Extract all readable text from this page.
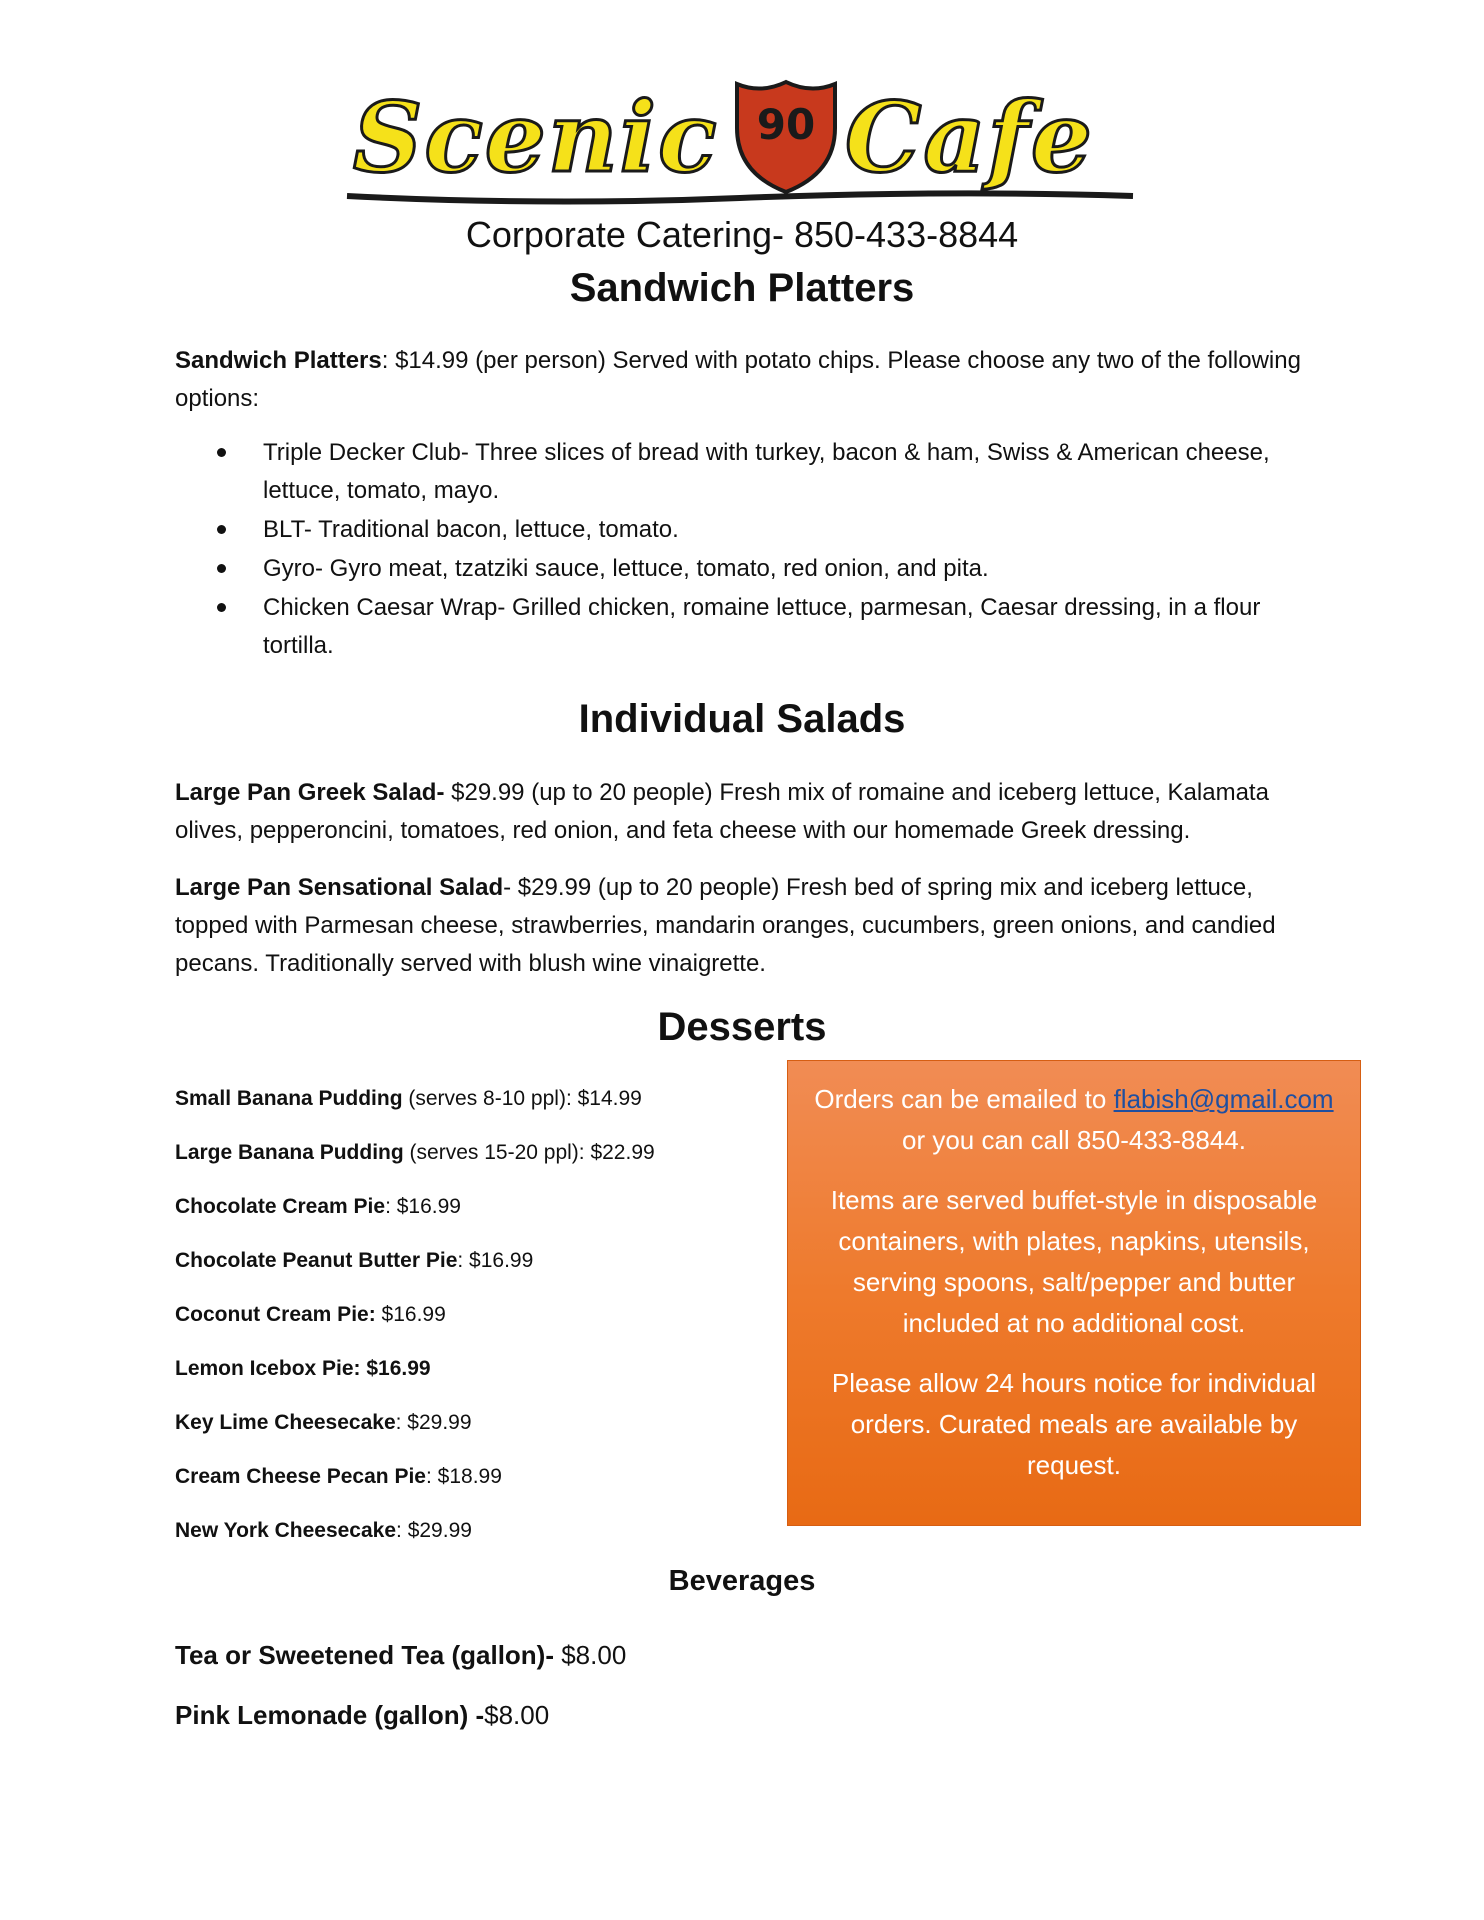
Scenic 90 Cafe
Corporate Catering- 850-433-8844
Sandwich Platters
Sandwich Platters: $14.99 (per person) Served with potato chips. Please choose any two of the following options:
Triple Decker Club- Three slices of bread with turkey, bacon & ham, Swiss & American cheese, lettuce, tomato, mayo.
BLT- Traditional bacon, lettuce, tomato.
Gyro- Gyro meat, tzatziki sauce, lettuce, tomato, red onion, and pita.
Chicken Caesar Wrap- Grilled chicken, romaine lettuce, parmesan, Caesar dressing, in a flour tortilla.
Individual Salads
Large Pan Greek Salad- $29.99 (up to 20 people) Fresh mix of romaine and iceberg lettuce, Kalamata olives, pepperoncini, tomatoes, red onion, and feta cheese with our homemade Greek dressing.
Large Pan Sensational Salad- $29.99 (up to 20 people) Fresh bed of spring mix and iceberg lettuce, topped with Parmesan cheese, strawberries, mandarin oranges, cucumbers, green onions, and candied pecans. Traditionally served with blush wine vinaigrette.
Desserts
Small Banana Pudding (serves 8-10 ppl): $14.99
Large Banana Pudding (serves 15-20 ppl): $22.99
Chocolate Cream Pie: $16.99
Chocolate Peanut Butter Pie: $16.99
Coconut Cream Pie: $16.99
Lemon Icebox Pie: $16.99
Key Lime Cheesecake: $29.99
Cream Cheese Pecan Pie: $18.99
New York Cheesecake: $29.99

Orders can be emailed to flabish@gmail.com or you can call 850-433-8844.

Items are served buffet-style in disposable containers, with plates, napkins, utensils, serving spoons, salt/pepper and butter included at no additional cost.

Please allow 24 hours notice for individual orders. Curated meals are available by request.

Beverages
Tea or Sweetened Tea (gallon)- $8.00
Pink Lemonade (gallon) -$8.00
